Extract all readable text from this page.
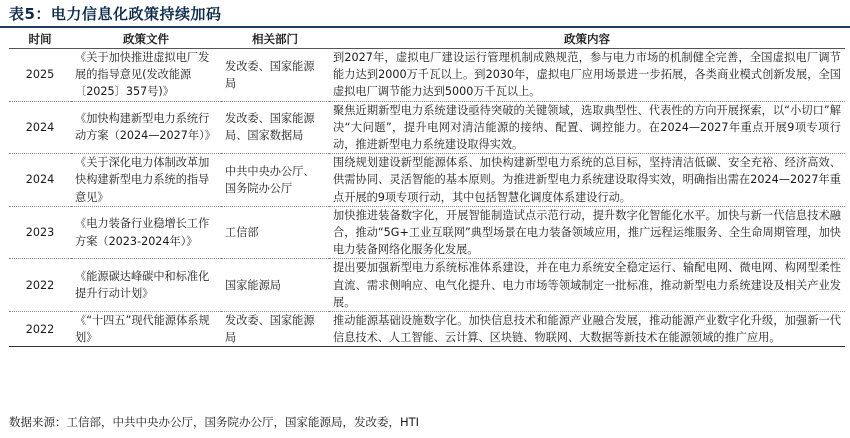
表5：电力信息化政策持续加码
时间	政策文件	相关部门	政策内容
2025	《关于加快推进虚拟电厂发展的指导意见(发改能源〔2025〕357号)》	发改委、国家能源局	到2027年，虚拟电厂建设运行管理机制成熟规范，参与电力市场的机制健全完善，全国虚拟电厂调节能力达到2000万千瓦以上。到2030年，虚拟电厂应用场景进一步拓展，各类商业模式创新发展，全国虚拟电厂调节能力达到5000万千瓦以上。
2024	《加快构建新型电力系统行动方案（2024—2027年）》	发改委、国家能源局、国家数据局	聚焦近期新型电力系统建设亟待突破的关键领域，选取典型性、代表性的方向开展探索，以“小切口”解决“大问题”，提升电网对清洁能源的接纳、配置、调控能力。在2024—2027年重点开展9项专项行动，推进新型电力系统建设取得实效。
2024	《关于深化电力体制改革加快构建新型电力系统的指导意见》	中共中央办公厅、国务院办公厅	围绕规划建设新型能源体系、加快构建新型电力系统的总目标，坚持清洁低碳、安全充裕、经济高效、供需协同、灵活智能的基本原则。为推进新型电力系统建设取得实效，明确指出需在2024—2027年重点开展的9项专项行动，其中包括智慧化调度体系建设行动。
2023	《电力装备行业稳增长工作方案（2023-2024年）》	工信部	加快推进装备数字化，开展智能制造试点示范行动，提升数字化智能化水平。加快与新一代信息技术融合，推动“5G+工业互联网”典型场景在电力装备领域应用，推广远程运维服务、全生命周期管理，加快电力装备网络化服务化发展。
2022	《能源碳达峰碳中和标准化提升行动计划》	国家能源局	提出要加强新型电力系统标准体系建设，并在电力系统安全稳定运行、输配电网、微电网、构网型柔性直流、需求侧响应、电气化提升、电力市场等领域制定一批标准，推动新型电力系统建设及相关产业发展。
2022	《“十四五”现代能源体系规划》	发改委、国家能源局	推动能源基础设施数字化。加快信息技术和能源产业融合发展，推动能源产业数字化升级，加强新一代信息技术、人工智能、云计算、区块链、物联网、大数据等新技术在能源领域的推广应用。
数据来源：工信部，中共中央办公厅，国务院办公厅，国家能源局，发改委，HTI
